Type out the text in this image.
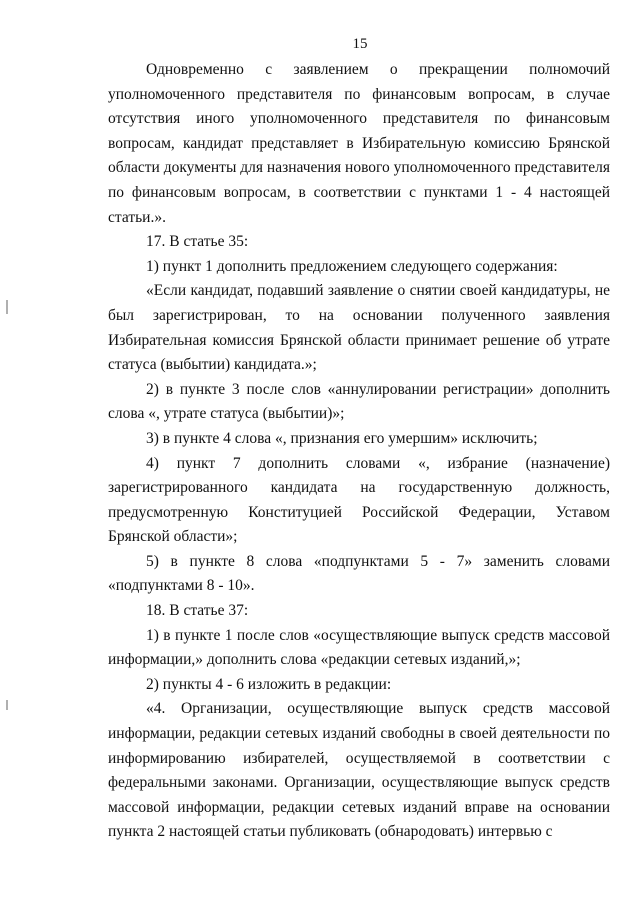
15

Одновременно с заявлением о прекращении полномочий уполномоченного представителя по финансовым вопросам, в случае отсутствия иного уполномоченного представителя по финансовым вопросам, кандидат представляет в Избирательную комиссию Брянской области документы для назначения нового уполномоченного представителя по финансовым вопросам, в соответствии с пунктами 1 - 4 настоящей статьи.».

17. В статье 35:

1) пункт 1 дополнить предложением следующего содержания:

«Если кандидат, подавший заявление о снятии своей кандидатуры, не был зарегистрирован, то на основании полученного заявления Избирательная комиссия Брянской области принимает решение об утрате статуса (выбытии) кандидата.»;

2) в пункте 3 после слов «аннулировании регистрации» дополнить слова «, утрате статуса (выбытии)»;

3) в пункте 4 слова «, признания его умершим» исключить;

4) пункт 7 дополнить словами «, избрание (назначение) зарегистрированного кандидата на государственную должность, предусмотренную Конституцией Российской Федерации, Уставом Брянской области»;

5) в пункте 8 слова «подпунктами 5 - 7» заменить словами «подпунктами 8 - 10».

18. В статье 37:

1) в пункте 1 после слов «осуществляющие выпуск средств массовой информации,» дополнить слова «редакции сетевых изданий,»;

2) пункты 4 - 6 изложить в редакции:

«4. Организации, осуществляющие выпуск средств массовой информации, редакции сетевых изданий свободны в своей деятельности по информированию избирателей, осуществляемой в соответствии с федеральными законами. Организации, осуществляющие выпуск средств массовой информации, редакции сетевых изданий вправе на основании пункта 2 настоящей статьи публиковать (обнародовать) интервью с
